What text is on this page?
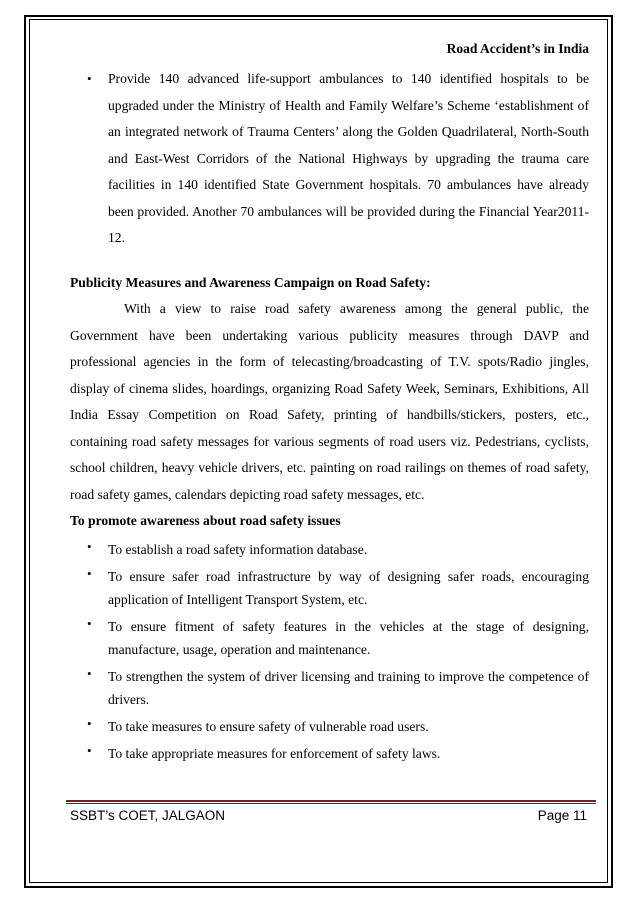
Road Accident’s in India
• Provide 140 advanced life-support ambulances to 140 identified hospitals to be upgraded under the Ministry of Health and Family Welfare’s Scheme ‘establishment of an integrated network of Trauma Centers’ along the Golden Quadrilateral, North-South and East-West Corridors of the National Highways by upgrading the trauma care facilities in 140 identified State Government hospitals. 70 ambulances have already been provided. Another 70 ambulances will be provided during the Financial Year2011-12.
Publicity Measures and Awareness Campaign on Road Safety:
With a view to raise road safety awareness among the general public, the Government have been undertaking various publicity measures through DAVP and professional agencies in the form of telecasting/broadcasting of T.V. spots/Radio jingles, display of cinema slides, hoardings, organizing Road Safety Week, Seminars, Exhibitions, All India Essay Competition on Road Safety, printing of handbills/stickers, posters, etc., containing road safety messages for various segments of road users viz. Pedestrians, cyclists, school children, heavy vehicle drivers, etc. painting on road railings on themes of road safety, road safety games, calendars depicting road safety messages, etc.
To promote awareness about road safety issues
• To establish a road safety information database.
• To ensure safer road infrastructure by way of designing safer roads, encouraging application of Intelligent Transport System, etc.
• To ensure fitment of safety features in the vehicles at the stage of designing, manufacture, usage, operation and maintenance.
• To strengthen the system of driver licensing and training to improve the competence of drivers.
• To take measures to ensure safety of vulnerable road users.
• To take appropriate measures for enforcement of safety laws.
SSBT’s COET, JALGAON	Page 11
